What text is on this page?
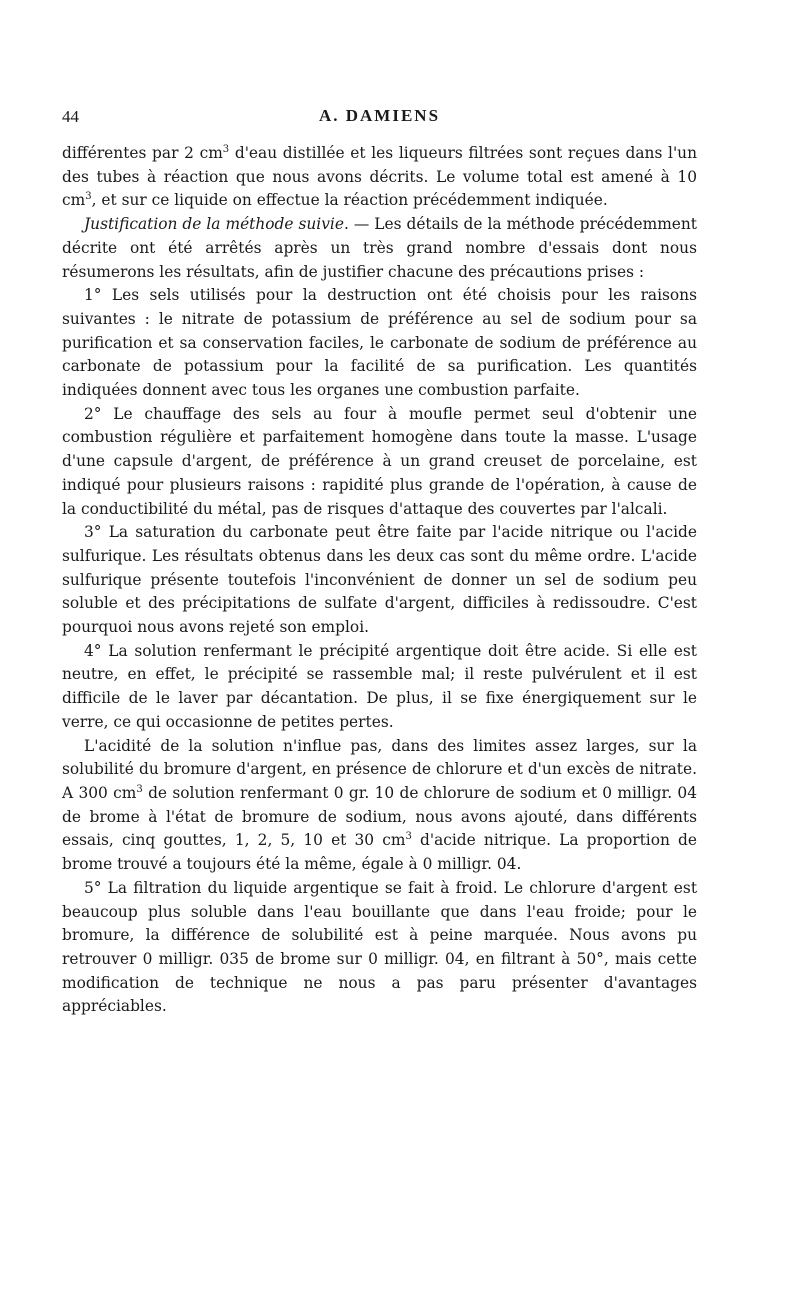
44	A. DAMIENS

différentes par 2 $cm^3$ d'eau distillée et les liqueurs filtrées sont reçues dans l'un des tubes à réaction que nous avons décrits. Le volume total est amené à 10 $cm^3$, et sur ce liquide on effectue la réaction précédemment indiquée.

Justification de la méthode suivie. — Les détails de la méthode précédemment décrite ont été arrêtés après un très grand nombre d'essais dont nous résumerons les résultats, afin de justifier chacune des précautions prises :

1° Les sels utilisés pour la destruction ont été choisis pour les raisons suivantes : le nitrate de potassium de préférence au sel de sodium pour sa purification et sa conservation faciles, le carbonate de sodium de préférence au carbonate de potassium pour la facilité de sa purification. Les quantités indiquées donnent avec tous les organes une combustion parfaite.

2° Le chauffage des sels au four à moufle permet seul d'obtenir une combustion régulière et parfaitement homogène dans toute la masse. L'usage d'une capsule d'argent, de préférence à un grand creuset de porcelaine, est indiqué pour plusieurs raisons : rapidité plus grande de l'opération, à cause de la conductibilité du métal, pas de risques d'attaque des couvertes par l'alcali.

3° La saturation du carbonate peut être faite par l'acide nitrique ou l'acide sulfurique. Les résultats obtenus dans les deux cas sont du même ordre. L'acide sulfurique présente toutefois l'inconvénient de donner un sel de sodium peu soluble et des précipitations de sulfate d'argent, difficiles à redissoudre. C'est pourquoi nous avons rejeté son emploi.

4° La solution renfermant le précipité argentique doit être acide. Si elle est neutre, en effet, le précipité se rassemble mal; il reste pulvérulent et il est difficile de le laver par décantation. De plus, il se fixe énergiquement sur le verre, ce qui occasionne de petites pertes.

L'acidité de la solution n'influe pas, dans des limites assez larges, sur la solubilité du bromure d'argent, en présence de chlorure et d'un excès de nitrate. A 300 $cm^3$ de solution renfermant 0 gr. 10 de chlorure de sodium et 0 milligr. 04 de brome à l'état de bromure de sodium, nous avons ajouté, dans différents essais, cinq gouttes, 1, 2, 5, 10 et 30 $cm^3$ d'acide nitrique. La proportion de brome trouvé a toujours été la même, égale à 0 milligr. 04.

5° La filtration du liquide argentique se fait à froid. Le chlorure d'argent est beaucoup plus soluble dans l'eau bouillante que dans l'eau froide; pour le bromure, la différence de solubilité est à peine marquée. Nous avons pu retrouver 0 milligr. 035 de brome sur 0 milligr. 04, en filtrant à 50°, mais cette modification de technique ne nous a pas paru présenter d'avantages appréciables.
